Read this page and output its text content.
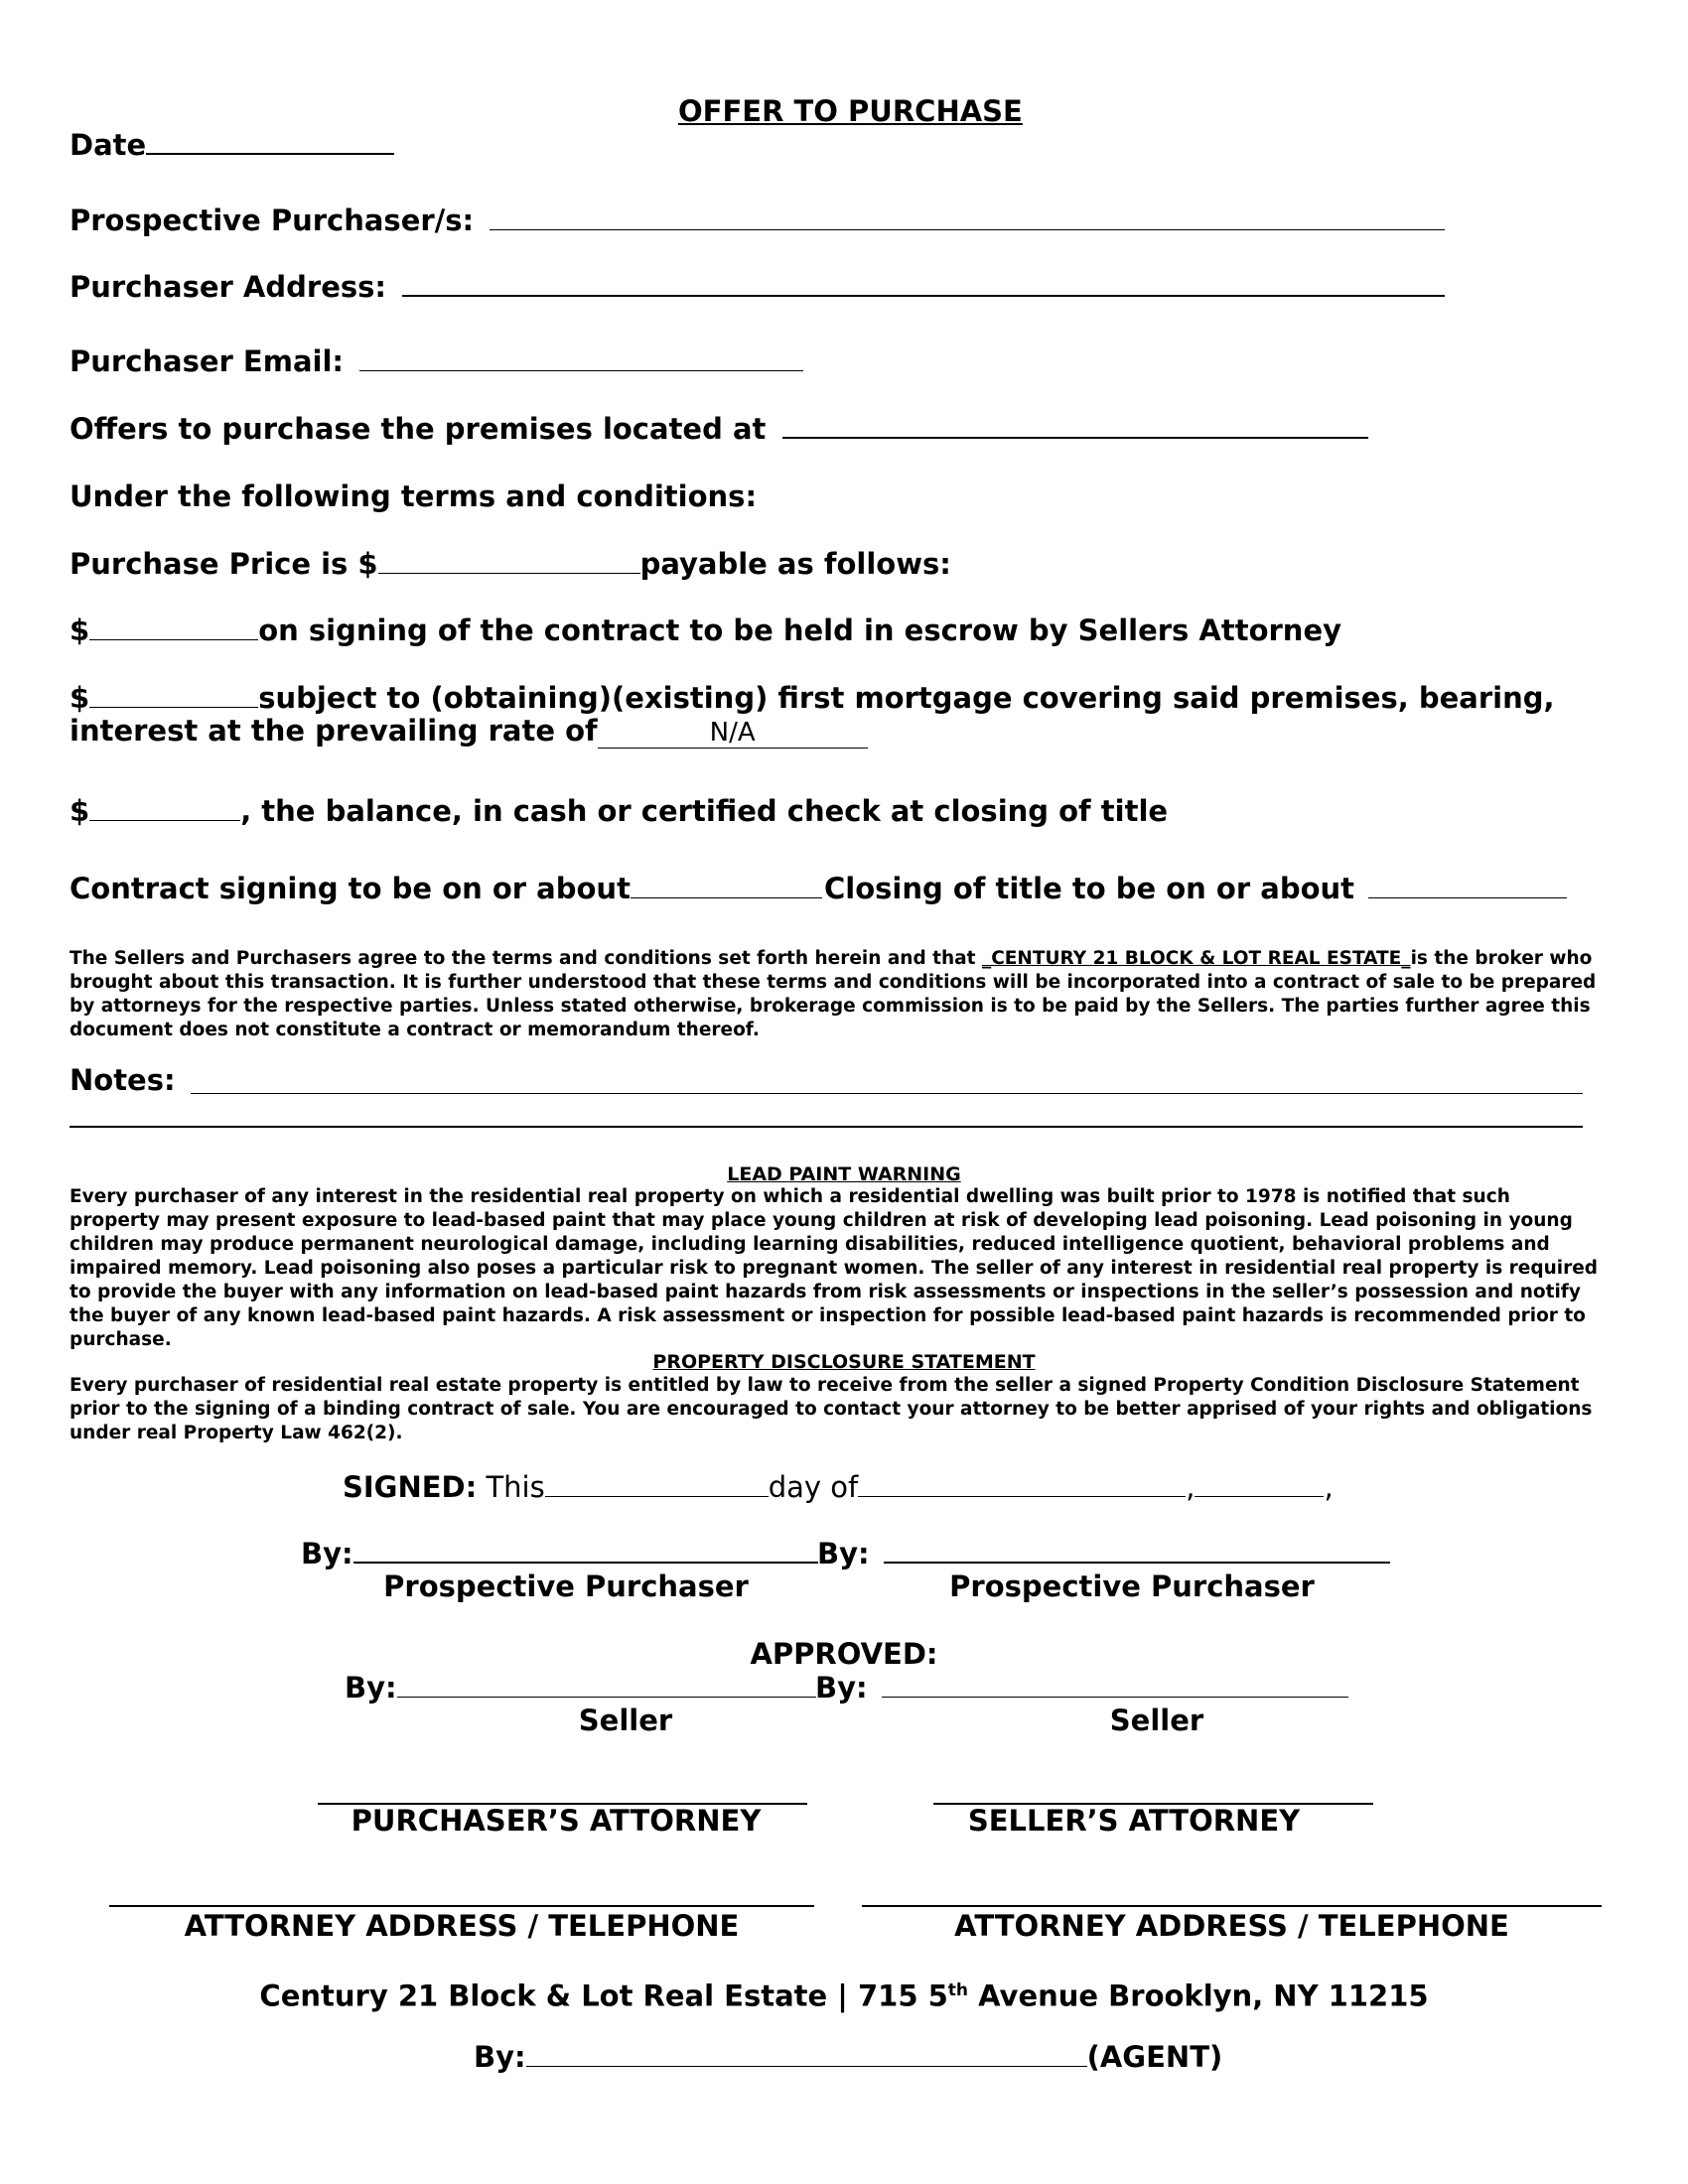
OFFER TO PURCHASE
Date
Prospective Purchaser/s:
Purchaser Address:
Purchaser Email:
Offers to purchase the premises located at
Under the following terms and conditions:
Purchase Price is $	payable as follows:
$	on signing of the contract to be held in escrow by Sellers Attorney
$	subject to (obtaining)(existing) first mortgage covering said premises, bearing,
interest at the prevailing rate of	N/A
$	, the balance, in cash or certified check at closing of title
Contract signing to be on or about	Closing of title to be on or about
The Sellers and Purchasers agree to the terms and conditions set forth herein and that _CENTURY 21 BLOCK & LOT REAL ESTATE_is the broker who brought about this transaction. It is further understood that these terms and conditions will be incorporated into a contract of sale to be prepared by attorneys for the respective parties. Unless stated otherwise, brokerage commission is to be paid by the Sellers. The parties further agree this document does not constitute a contract or memorandum thereof.
Notes:
LEAD PAINT WARNING
Every purchaser of any interest in the residential real property on which a residential dwelling was built prior to 1978 is notified that such property may present exposure to lead-based paint that may place young children at risk of developing lead poisoning. Lead poisoning in young children may produce permanent neurological damage, including learning disabilities, reduced intelligence quotient, behavioral problems and impaired memory. Lead poisoning also poses a particular risk to pregnant women. The seller of any interest in residential real property is required to provide the buyer with any information on lead-based paint hazards from risk assessments or inspections in the seller’s possession and notify the buyer of any known lead-based paint hazards. A risk assessment or inspection for possible lead-based paint hazards is recommended prior to purchase.
PROPERTY DISCLOSURE STATEMENT
Every purchaser of residential real estate property is entitled by law to receive from the seller a signed Property Condition Disclosure Statement prior to the signing of a binding contract of sale. You are encouraged to contact your attorney to be better apprised of your rights and obligations under real Property Law 462(2).
SIGNED: This	day of	,	,
By:	By:
Prospective Purchaser	Prospective Purchaser
APPROVED:
By:	By:
Seller	Seller
PURCHASER’S ATTORNEY	SELLER’S ATTORNEY
ATTORNEY ADDRESS / TELEPHONE	ATTORNEY ADDRESS / TELEPHONE
Century 21 Block & Lot Real Estate | 715 5th Avenue Brooklyn, NY 11215
By:	(AGENT)
